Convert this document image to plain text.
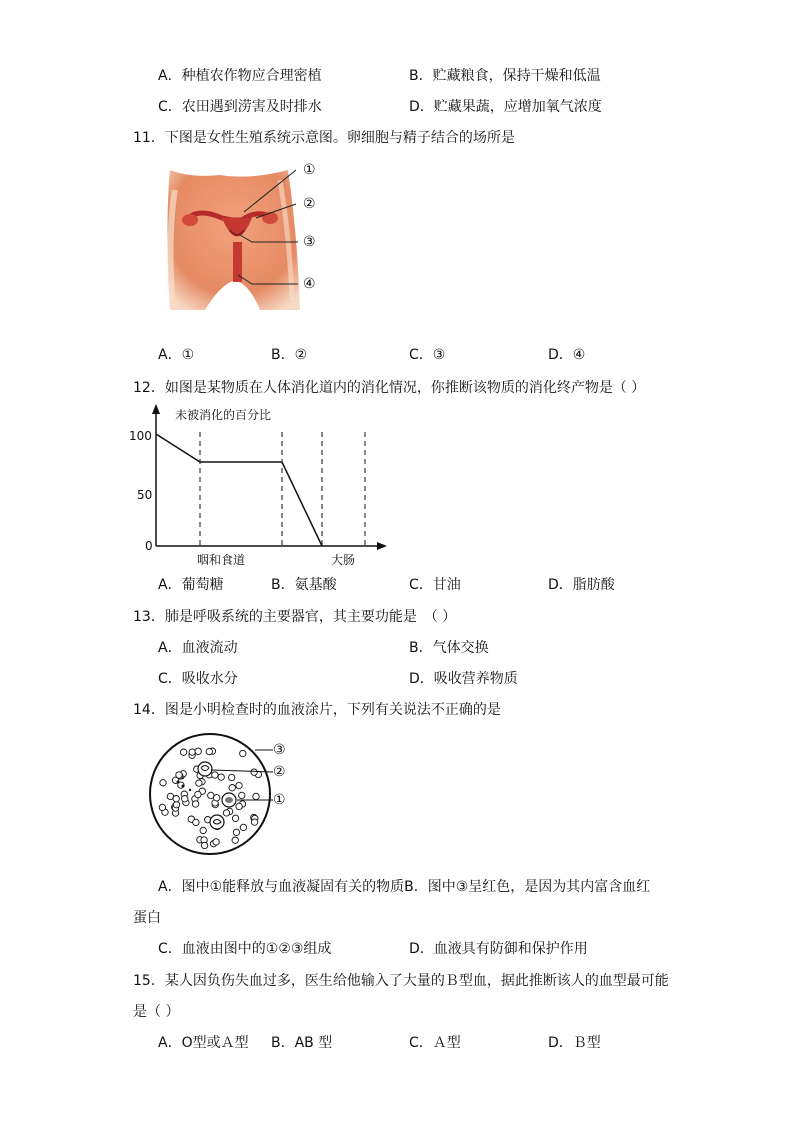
A．种植农作物应合理密植	B．贮藏粮食，保持干燥和低温
C．农田遇到涝害及时排水	D．贮藏果蔬，应增加氧气浓度
11．下图是女性生殖系统示意图。卵细胞与精子结合的场所是
①
②
③
④
A．①	B．②	C．③	D．④
12．如图是某物质在人体消化道内的消化情况，你推断该物质的消化终产物是（ ）
未被消化的百分比
100
50
0
咽和食道	大肠
A．葡萄糖	B．氨基酸	C．甘油	D．脂肪酸
13．肺是呼吸系统的主要器官，其主要功能是　（ ）
A．血液流动	B．气体交换
C．吸收水分	D．吸收营养物质
14．图是小明检查时的血液涂片，下列有关说法不正确的是
③
②
①
A．图中①能释放与血液凝固有关的物质B．图中③呈红色，是因为其内富含血红
蛋白
C．血液由图中的①②③组成	D．血液具有防御和保护作用
15．某人因负伤失血过多，医生给他输入了大量的Ｂ型血，据此推断该人的血型最可能
是（ ）
A．O型或Ａ型 B．AB 型	C．Ａ型	D．Ｂ型
